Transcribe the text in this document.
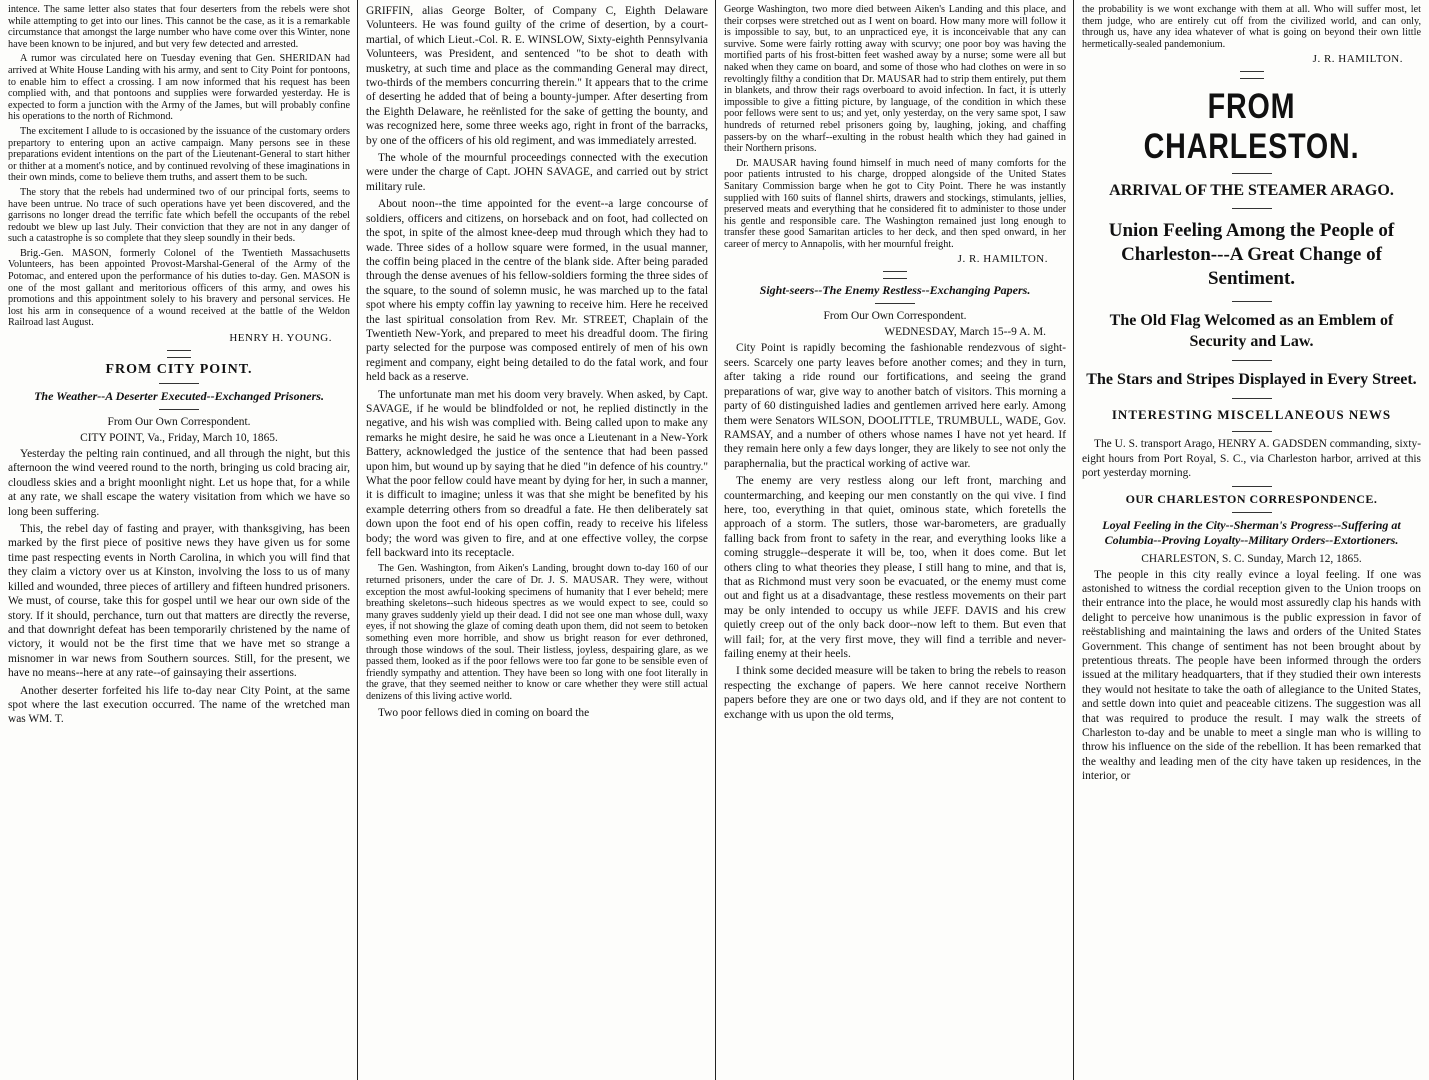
intence. The same letter also states that four deserters from the rebels were shot while attempting to get into our lines. This cannot be the case, as it is a remarkable circumstance that amongst the large number who have come over this Winter, none have been known to be injured, and but very few detected and arrested.

A rumor was circulated here on Tuesday evening that Gen. SHERIDAN had arrived at White House Landing with his army, and sent to City Point for pontoons, to enable him to effect a crossing. I am now informed that his request has been complied with, and that pontoons and supplies were forwarded yesterday. He is expected to form a junction with the Army of the James, but will probably confine his operations to the north of Richmond.

The excitement I allude to is occasioned by the issuance of the customary orders prepartory to entering upon an active campaign. Many persons see in these preparations evident intentions on the part of the Lieutenant-General to start hither or thither at a moment's notice, and by continued revolving of these imaginations in their own minds, come to believe them truths, and assert them to be such.

The story that the rebels had undermined two of our principal forts, seems to have been untrue. No trace of such operations have yet been discovered, and the garrisons no longer dread the terrific fate which befell the occupants of the rebel redoubt we blew up last July. Their conviction that they are not in any danger of such a catastrophe is so complete that they sleep soundly in their beds.

Brig.-Gen. MASON, formerly Colonel of the Twentieth Massachusetts Volunteers, has been appointed Provost-Marshal-General of the Army of the Potomac, and entered upon the performance of his duties to-day. Gen. MASON is one of the most gallant and meritorious officers of this army, and owes his promotions and this appointment solely to his bravery and personal services. He lost his arm in consequence of a wound received at the battle of the Weldon Railroad last August.

HENRY H. YOUNG.
FROM CITY POINT.
The Weather--A Deserter Executed--Exchanged Prisoners.
From Our Own Correspondent.
CITY POINT, Va., Friday, March 10, 1865.

Yesterday the pelting rain continued, and all through the night, but this afternoon the wind veered round to the north, bringing us cold bracing air, cloudless skies and a bright moonlight night. Let us hope that, for a while at any rate, we shall escape the watery visitation from which we have so long been suffering.

This, the rebel day of fasting and prayer, with thanksgiving, has been marked by the first piece of positive news they have given us for some time past respecting events in North Carolina, in which you will find that they claim a victory over us at Kinston, involving the loss to us of many killed and wounded, three pieces of artillery and fifteen hundred prisoners. We must, of course, take this for gospel until we hear our own side of the story. If it should, perchance, turn out that matters are directly the reverse, and that downright defeat has been temporarily christened by the name of victory, it would not be the first time that we have met so strange a misnomer in war news from Southern sources. Still, for the present, we have no means--here at any rate--of gainsaying their assertions.

Another deserter forfeited his life to-day near City Point, at the same spot where the last execution occurred. The name of the wretched man was WM. T.

GRIFFIN, alias George Bolter, of Company C, Eighth Delaware Volunteers. He was found guilty of the crime of desertion, by a court-martial, of which Lieut.-Col. R. E. WINSLOW, Sixty-eighth Pennsylvania Volunteers, was President, and sentenced "to be shot to death with musketry, at such time and place as the commanding General may direct, two-thirds of the members concurring therein." It appears that to the crime of deserting he added that of being a bounty-jumper. After deserting from the Eighth Delaware, he reënlisted for the sake of getting the bounty, and was recognized here, some three weeks ago, right in front of the barracks, by one of the officers of his old regiment, and was immediately arrested.

The whole of the mournful proceedings connected with the execution were under the charge of Capt. JOHN SAVAGE, and carried out by strict military rule.

About noon--the time appointed for the event--a large concourse of soldiers, officers and citizens, on horseback and on foot, had collected on the spot, in spite of the almost knee-deep mud through which they had to wade. Three sides of a hollow square were formed, in the usual manner, the coffin being placed in the centre of the blank side. After being paraded through the dense avenues of his fellow-soldiers forming the three sides of the square, to the sound of solemn music, he was marched up to the fatal spot where his empty coffin lay yawning to receive him. Here he received the last spiritual consolation from Rev. Mr. STREET, Chaplain of the Twentieth New-York, and prepared to meet his dreadful doom. The firing party selected for the purpose was composed entirely of men of his own regiment and company, eight being detailed to do the fatal work, and four held back as a reserve.

The unfortunate man met his doom very bravely. When asked, by Capt. SAVAGE, if he would be blindfolded or not, he replied distinctly in the negative, and his wish was complied with. Being called upon to make any remarks he might desire, he said he was once a Lieutenant in a New-York Battery, acknowledged the justice of the sentence that had been passed upon him, but wound up by saying that he died "in defence of his country." What the poor fellow could have meant by dying for her, in such a manner, it is difficult to imagine; unless it was that she might be benefited by his example deterring others from so dreadful a fate. He then deliberately sat down upon the foot end of his open coffin, ready to receive his lifeless body; the word was given to fire, and at one effective volley, the corpse fell backward into its receptacle.

The Gen. Washington, from Aiken's Landing, brought down to-day 160 of our returned prisoners, under the care of Dr. J. S. MAUSAR. They were, without exception the most awful-looking specimens of humanity that I ever beheld; mere breathing skeletons--such hideous spectres as we would expect to see, could so many graves suddenly yield up their dead. I did not see one man whose dull, waxy eyes, if not showing the glaze of coming death upon them, did not seem to betoken something even more horrible, and show us bright reason for ever dethroned, through those windows of the soul. Their listless, joyless, despairing glare, as we passed them, looked as if the poor fellows were too far gone to be sensible even of friendly sympathy and attention. They have been so long with one foot literally in the grave, that they seemed neither to know or care whether they were still actual denizens of this living active world.

Two poor fellows died in coming on board the

George Washington, two more died between Aiken's Landing and this place, and their corpses were stretched out as I went on board. How many more will follow it is impossible to say, but, to an unpracticed eye, it is inconceivable that any can survive. Some were fairly rotting away with scurvy; one poor boy was having the mortified parts of his frost-bitten feet washed away by a nurse; some were all but naked when they came on board, and some of those who had clothes on were in so revoltingly filthy a condition that Dr. MAUSAR had to strip them entirely, put them in blankets, and throw their rags overboard to avoid infection. In fact, it is utterly impossible to give a fitting picture, by language, of the condition in which these poor fellows were sent to us; and yet, only yesterday, on the very same spot, I saw hundreds of returned rebel prisoners going by, laughing, joking, and chaffing passers-by on the wharf--exulting in the robust health which they had gained in their Northern prisons.

Dr. MAUSAR having found himself in much need of many comforts for the poor patients intrusted to his charge, dropped alongside of the United States Sanitary Commission barge when he got to City Point. There he was instantly supplied with 160 suits of flannel shirts, drawers and stockings, stimulants, jellies, preserved meats and everything that he considered fit to administer to those under his gentle and responsible care. The Washington remained just long enough to transfer these good Samaritan articles to her deck, and then sped onward, in her career of mercy to Annapolis, with her mournful freight.

J. R. HAMILTON.
Sight-seers--The Enemy Restless--Exchanging Papers.
From Our Own Correspondent.
WEDNESDAY, March 15--9 A. M.

City Point is rapidly becoming the fashionable rendezvous of sight-seers. Scarcely one party leaves before another comes; and they in turn, after taking a ride round our fortifications, and seeing the grand preparations of war, give way to another batch of visitors. This morning a party of 60 distinguished ladies and gentlemen arrived here early. Among them were Senators WILSON, DOOLITTLE, TRUMBULL, WADE, Gov. RAMSAY, and a number of others whose names I have not yet heard. If they remain here only a few days longer, they are likely to see not only the paraphernalia, but the practical working of active war.

The enemy are very restless along our left front, marching and countermarching, and keeping our men constantly on the qui vive. I find here, too, everything in that quiet, ominous state, which foretells the approach of a storm. The sutlers, those war-barometers, are gradually falling back from front to safety in the rear, and everything looks like a coming struggle--desperate it will be, too, when it does come. But let others cling to what theories they please, I still hang to mine, and that is, that as Richmond must very soon be evacuated, or the enemy must come out and fight us at a disadvantage, these restless movements on their part may be only intended to occupy us while JEFF. DAVIS and his crew quietly creep out of the only back door--now left to them. But even that will fail; for, at the very first move, they will find a terrible and never-failing enemy at their heels.

I think some decided measure will be taken to bring the rebels to reason respecting the exchange of papers. We here cannot receive Northern papers before they are one or two days old, and if they are not content to exchange with us upon the old terms,

the probability is we wont exchange with them at all. Who will suffer most, let them judge, who are entirely cut off from the civilized world, and can only, through us, have any idea whatever of what is going on beyond their own little hermetically-sealed pandemonium.

J. R. HAMILTON.
FROM CHARLESTON.
ARRIVAL OF THE STEAMER ARAGO.
Union Feeling Among the People of Charleston---A Great Change of Sentiment.
The Old Flag Welcomed as an Emblem of Security and Law.
The Stars and Stripes Displayed in Every Street.
INTERESTING MISCELLANEOUS NEWS

The U. S. transport Arago, HENRY A. GADSDEN commanding, sixty-eight hours from Port Royal, S. C., via Charleston harbor, arrived at this port yesterday morning.

OUR CHARLESTON CORRESPONDENCE.
Loyal Feeling in the City--Sherman's Progress--Suffering at Columbia--Proving Loyalty--Military Orders--Extortioners.
CHARLESTON, S. C. Sunday, March 12, 1865.

The people in this city really evince a loyal feeling. If one was astonished to witness the cordial reception given to the Union troops on their entrance into the place, he would most assuredly clap his hands with delight to perceive how unanimous is the public expression in favor of reëstablishing and maintaining the laws and orders of the United States Government. This change of sentiment has not been brought about by pretentious threats. The people have been informed through the orders issued at the military headquarters, that if they studied their own interests they would not hesitate to take the oath of allegiance to the United States, and settle down into quiet and peaceable citizens. The suggestion was all that was required to produce the result. I may walk the streets of Charleston to-day and be unable to meet a single man who is willing to throw his influence on the side of the rebellion. It has been remarked that the wealthy and leading men of the city have taken up residences, in the interior, or
